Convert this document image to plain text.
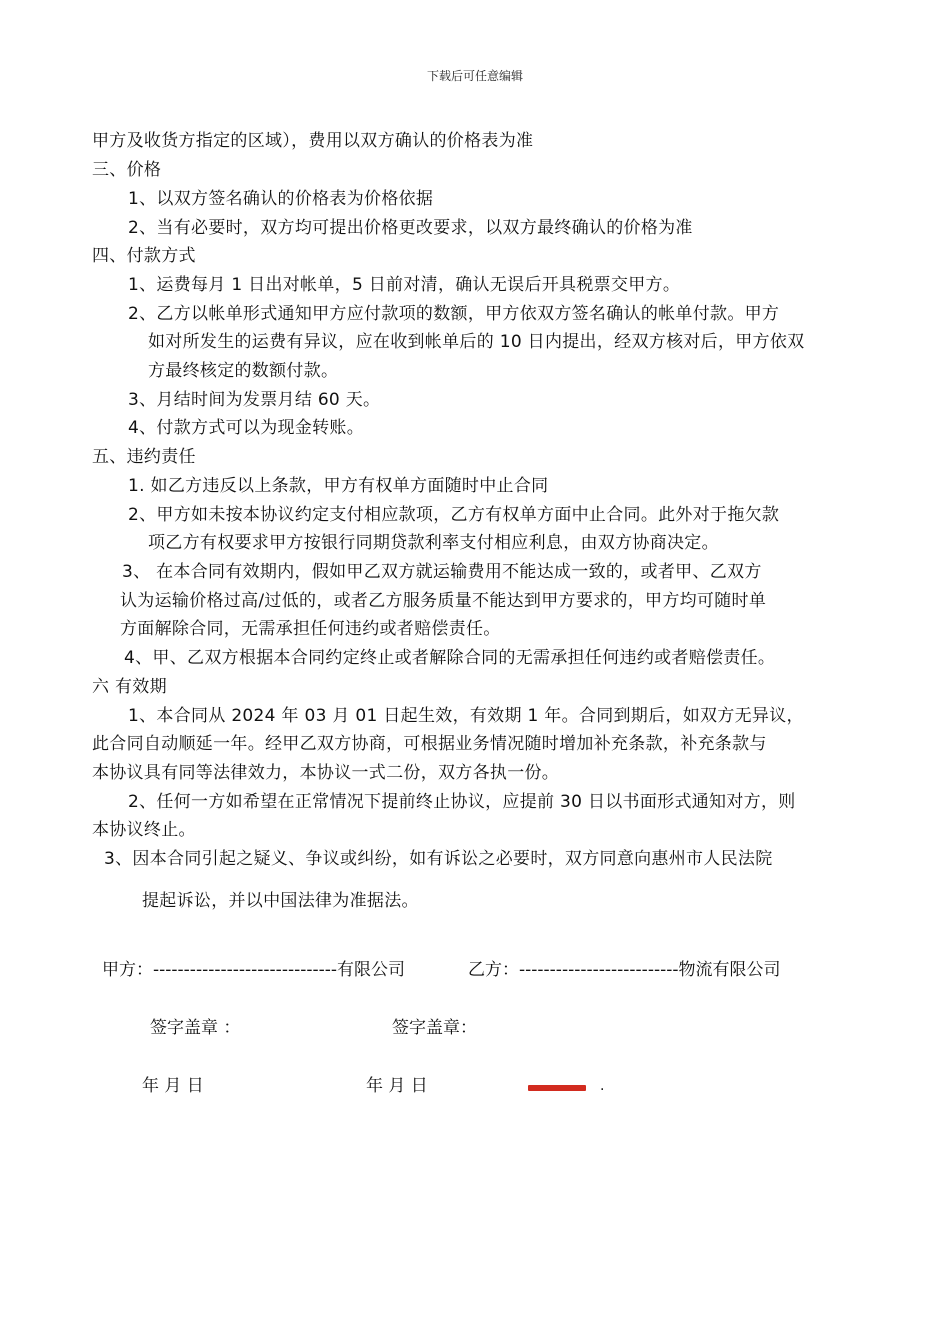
下载后可任意编辑
甲方及收货方指定的区域），费用以双方确认的价格表为准
三、价格
1、以双方签名确认的价格表为价格依据
2、当有必要时，双方均可提出价格更改要求，以双方最终确认的价格为准
四、付款方式
1、运费每月 1 日出对帐单，5 日前对清，确认无误后开具税票交甲方。
2、乙方以帐单形式通知甲方应付款项的数额，甲方依双方签名确认的帐单付款。甲方
如对所发生的运费有异议，应在收到帐单后的 10 日内提出，经双方核对后，甲方依双
方最终核定的数额付款。
3、月结时间为发票月结 60 天。
4、付款方式可以为现金转账。
五、违约责任
1. 如乙方违反以上条款，甲方有权单方面随时中止合同
2、甲方如未按本协议约定支付相应款项，乙方有权单方面中止合同。此外对于拖欠款
项乙方有权要求甲方按银行同期贷款利率支付相应利息，由双方协商决定。
3、 在本合同有效期内，假如甲乙双方就运输费用不能达成一致的，或者甲、乙双方
认为运输价格过高/过低的，或者乙方服务质量不能达到甲方要求的，甲方均可随时单
方面解除合同，无需承担任何违约或者赔偿责任。
4、甲、乙双方根据本合同约定终止或者解除合同的无需承担任何违约或者赔偿责任。
六 有效期
1、本合同从 2024 年 03 月 01 日起生效，有效期 1 年。合同到期后，如双方无异议，
此合同自动顺延一年。经甲乙双方协商，可根据业务情况随时增加补充条款，补充条款与
本协议具有同等法律效力，本协议一式二份，双方各执一份。
2、任何一方如希望在正常情况下提前终止协议，应提前 30 日以书面形式通知对方，则
本协议终止。
3、因本合同引起之疑义、争议或纠纷，如有诉讼之必要时，双方同意向惠州市人民法院
提起诉讼，并以中国法律为准据法。
甲方：------------------------------有限公司	乙方：--------------------------物流有限公司
签字盖章 ：	签字盖章：
年 月 日	年 月 日	.
